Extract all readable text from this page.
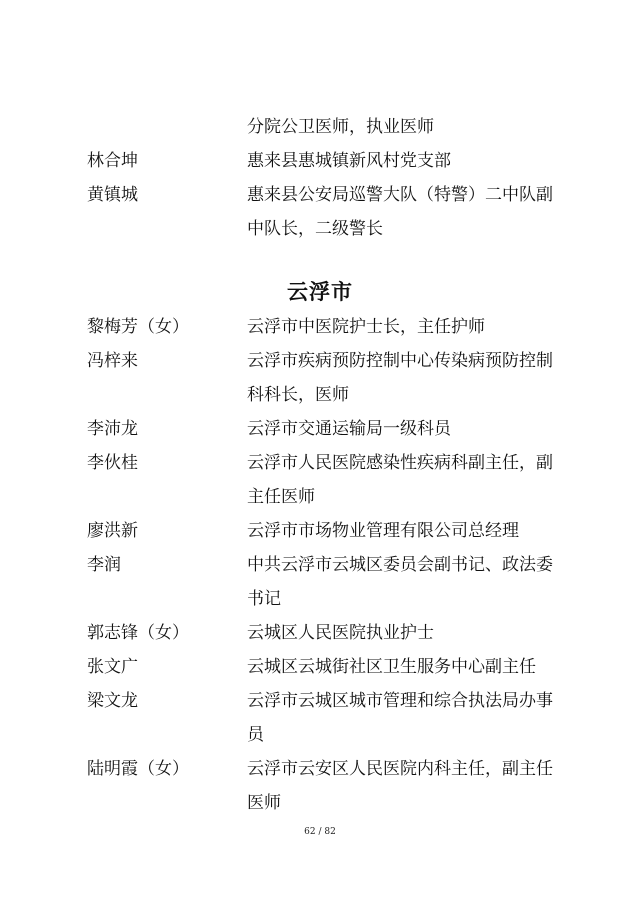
分院公卫医师，执业医师
林合坤	惠来县惠城镇新风村党支部
黄镇城	惠来县公安局巡警大队（特警）二中队副中队长，二级警长
云浮市
黎梅芳（女）	云浮市中医院护士长，主任护师
冯梓来	云浮市疾病预防控制中心传染病预防控制科科长，医师
李沛龙	云浮市交通运输局一级科员
李伙桂	云浮市人民医院感染性疾病科副主任，副主任医师
廖洪新	云浮市市场物业管理有限公司总经理
李润	中共云浮市云城区委员会副书记、政法委书记
郭志锋（女）	云城区人民医院执业护士
张文广	云城区云城街社区卫生服务中心副主任
梁文龙	云浮市云城区城市管理和综合执法局办事员
陆明霞（女）	云浮市云安区人民医院内科主任，副主任医师
62 / 82
